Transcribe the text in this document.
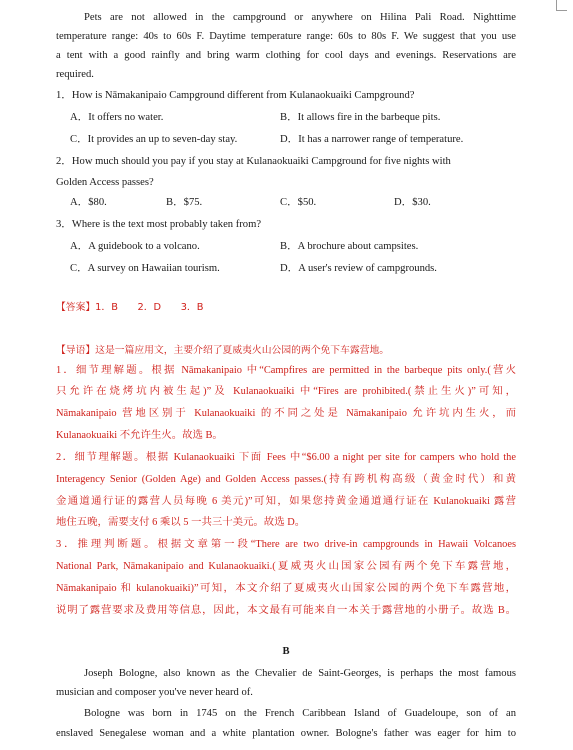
Pets are not allowed in the campground or anywhere on Hilina Pali Road. Nighttime
temperature range: 40s to 60s F. Daytime temperature range: 60s to 80s F. We suggest that you use
a tent with a good rainfly and bring warm clothing for cool days and evenings. Reservations are
required.
1．How is Nāmakanipaio Campground different from Kulanaokuaiki Campground?
A．It offers no water.	B．It allows fire in the barbeque pits.
C．It provides an up to seven-day stay.	D．It has a narrower range of temperature.
2．How much should you pay if you stay at Kulanaokuaiki Campground for five nights with
Golden Access passes?
A．$80.	B．$75.	C．$50.	D．$30.
3．Where is the text most probably taken from?
A．A guidebook to a volcano.	B．A brochure about campsites.
C．A survey on Hawaiian tourism.	D．A user's review of campgrounds.
【答案】1．B　　2．D　　3．B
【导语】这是一篇应用文，主要介绍了夏威夷火山公园的两个免下车露营地。
1．细节理解题。根据 Nāmakanipaio 中“Campfires are permitted in the barbeque pits only.(营火
只允许在烧烤坑内被生起)”及 Kulanaokuaiki 中“Fires are prohibited.(禁止生火)”可知，
Nāmakanipaio 营地区别于 Kulanaokuaiki 的不同之处是 Nāmakanipaio 允许坑内生火，而
Kulanaokuaiki 不允许生火。故选 B。
2．细节理解题。根据 Kulanaokuaiki 下面 Fees 中“$6.00 a night per site for campers who hold the
Interagency Senior (Golden Age) and Golden Access passes.(持有跨机构高级（黄金时代）和黄
金通道通行证的露营人员每晚 6 美元)”可知，如果您持黄金通道通行证在 Kulanokuaiki 露营
地住五晚，需要支付 6 乘以 5 一共三十美元。故选 D。
3．推理判断题。根据文章第一段“There are two drive-in campgrounds in Hawaii Volcanoes
National Park, Nāmakanipaio and Kulanaokuaiki.(夏威夷火山国家公园有两个免下车露营地，
Nāmakanipaio 和 kulanokuaiki)”可知，本文介绍了夏威夷火山国家公园的两个免下车露营地，
说明了露营要求及费用等信息，因此，本文最有可能来自一本关于露营地的小册子。故选 B。
B
Joseph Bologne, also known as the Chevalier de Saint-Georges, is perhaps the most famous
musician and composer you've never heard of.
Bologne was born in 1745 on the French Caribbean Island of Guadeloupe, son of an
enslaved Senegalese woman and a white plantation owner. Bologne's father was eager for him to
